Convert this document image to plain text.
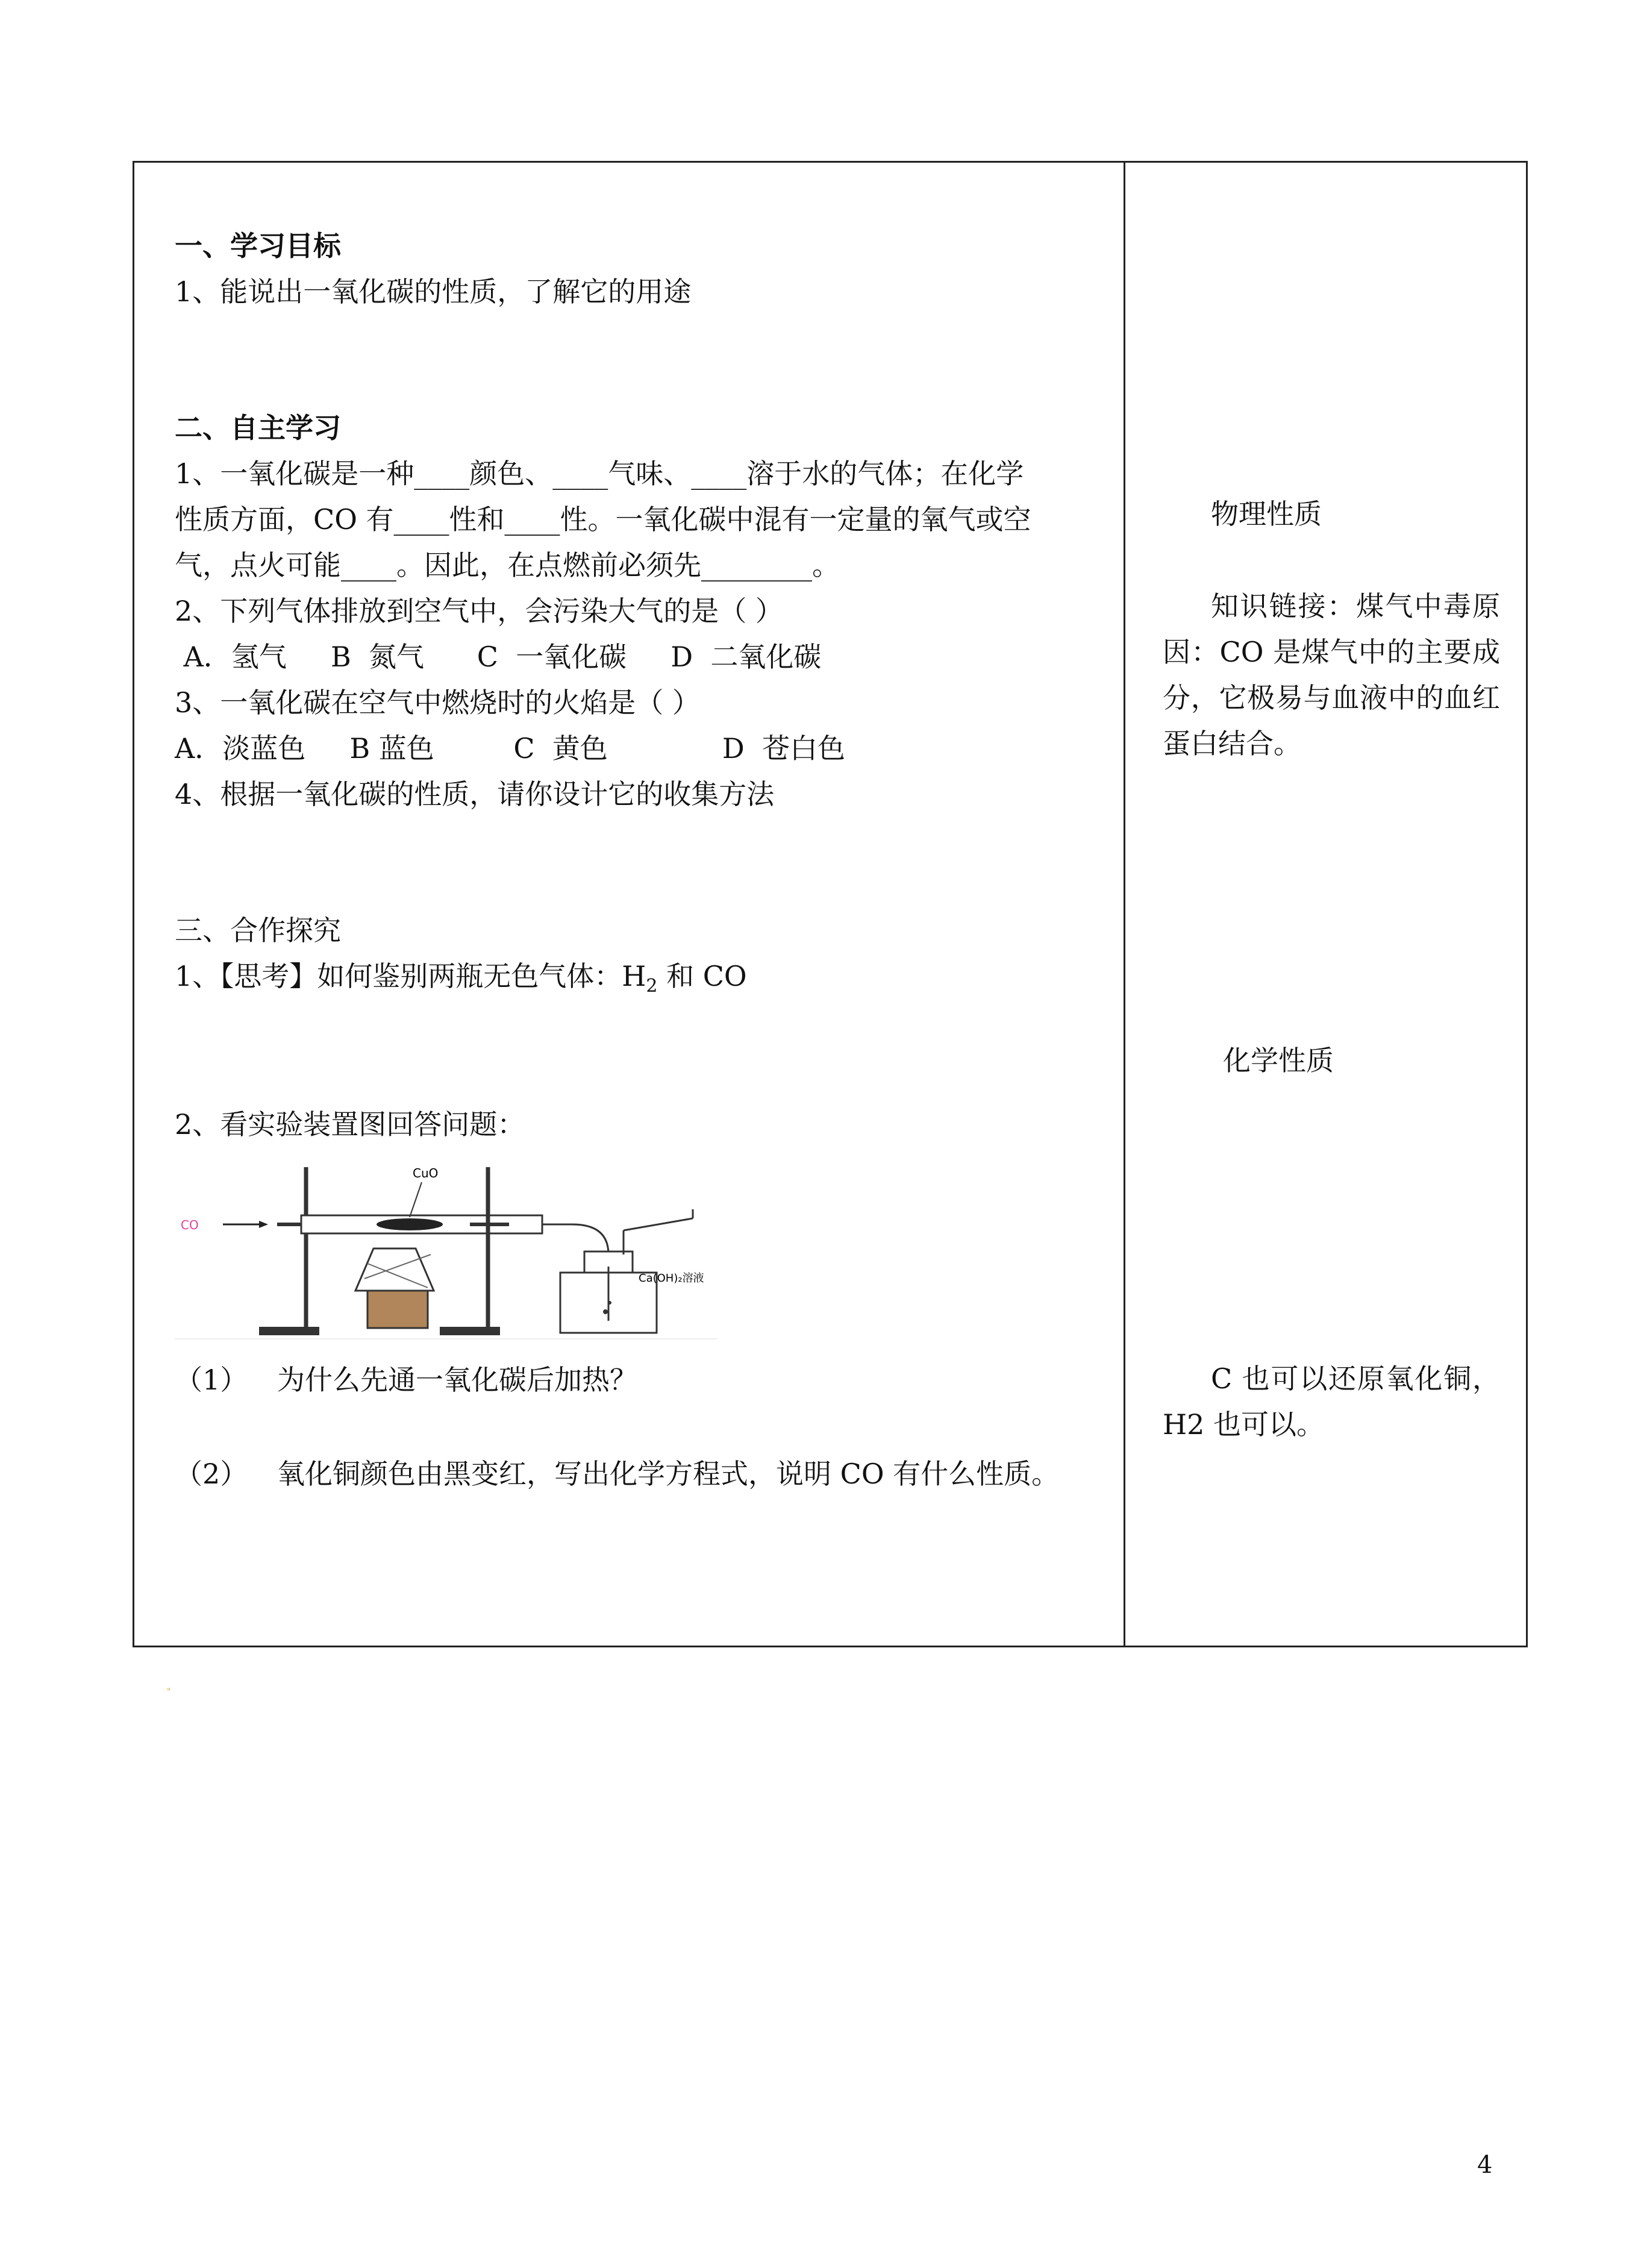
一、学习目标

1、能说出一氧化碳的性质，了解它的用途

二、自主学习

1、一氧化碳是一种____颜色、____气味、____溶于水的气体；在化学

性质方面，CO 有____性和____性。一氧化碳中混有一定量的氧气或空

气，点火可能____。因此，在点燃前必须先________。

2、下列气体排放到空气中，会污染大气的是（ ）

A．氢气     B  氮气      C  一氧化碳     D  二氧化碳

3、一氧化碳在空气中燃烧时的火焰是（ ）

A．淡蓝色     B 蓝色         C  黄色             D  苍白色

4、根据一氧化碳的性质，请你设计它的收集方法

三、合作探究

1、【思考】如何鉴别两瓶无色气体：$H_2$ 和 CO

2、看实验装置图回答问题：

CO
CuO
Ca(OH)₂溶液
（1）	为什么先通一氧化碳后加热？
（2）	氧化铜颜色由黑变红，写出化学方程式，说明 CO 有什么性质。

物理性质

知识链接：煤气中毒原因：CO 是煤气中的主要成分，它极易与血液中的血红蛋白结合。

化学性质

C 也可以还原氧化铜，H2 也可以。

"
4
